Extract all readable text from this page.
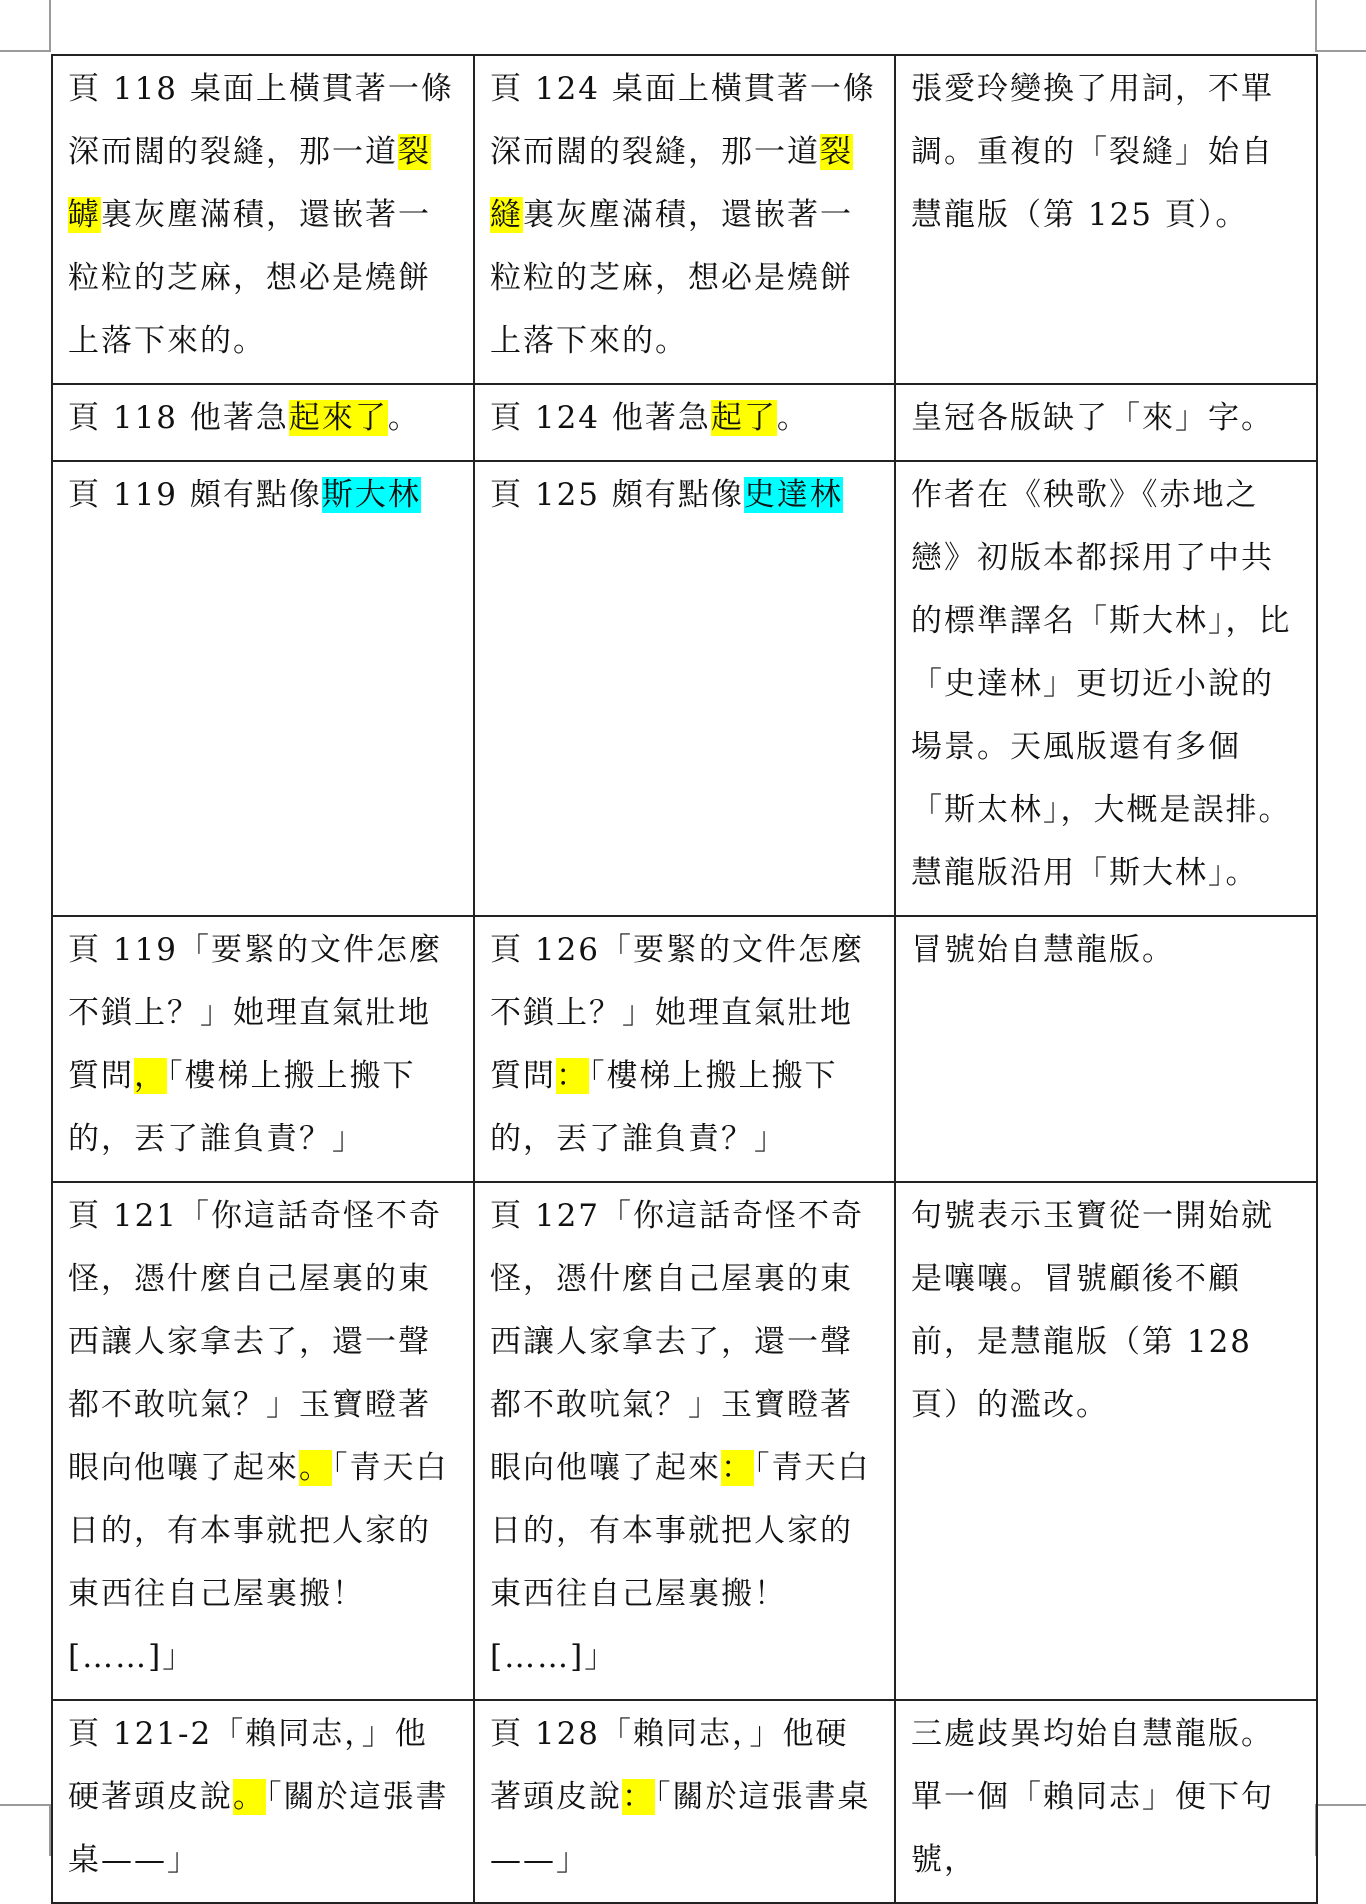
頁 118 桌面上橫貫著一條深而闊的裂縫，那一道裂罅裏灰塵滿積，還嵌著一粒粒的芝麻，想必是燒餅上落下來的。	頁 124 桌面上橫貫著一條深而闊的裂縫，那一道裂縫裏灰塵滿積，還嵌著一粒粒的芝麻，想必是燒餅上落下來的。	張愛玲變換了用詞，不單調。重複的「裂縫」始自慧龍版（第 125 頁）。
頁 118 他著急起來了。	頁 124 他著急起了。	皇冠各版缺了「來」字。
頁 119 頗有點像斯大林	頁 125 頗有點像史達林	作者在《秧歌》《赤地之戀》初版本都採用了中共的標準譯名「斯大林」，比「史達林」更切近小說的場景。天風版還有多個「斯太林」，大概是誤排。慧龍版沿用「斯大林」。
頁 119「要緊的文件怎麼不鎖上？」她理直氣壯地質問，「樓梯上搬上搬下的，丟了誰負責？」	頁 126「要緊的文件怎麼不鎖上？」她理直氣壯地質問：「樓梯上搬上搬下的，丟了誰負責？」	冒號始自慧龍版。
頁 121「你這話奇怪不奇怪，憑什麼自己屋裏的東西讓人家拿去了，還一聲都不敢吭氣？」玉寶瞪著眼向他嚷了起來。「青天白日的，有本事就把人家的東西往自己屋裏搬！[……]」	頁 127「你這話奇怪不奇怪，憑什麼自己屋裏的東西讓人家拿去了，還一聲都不敢吭氣？」玉寶瞪著眼向他嚷了起來：「青天白日的，有本事就把人家的東西往自己屋裏搬！[……]」	句號表示玉寶從一開始就是嚷嚷。冒號顧後不顧前，是慧龍版（第 128 頁）的濫改。
頁 121-2「賴同志，」他硬著頭皮說。「關於這張書桌——」	頁 128「賴同志，」他硬著頭皮說：「關於這張書桌——」	三處歧異均始自慧龍版。單一個「賴同志」便下句號，
